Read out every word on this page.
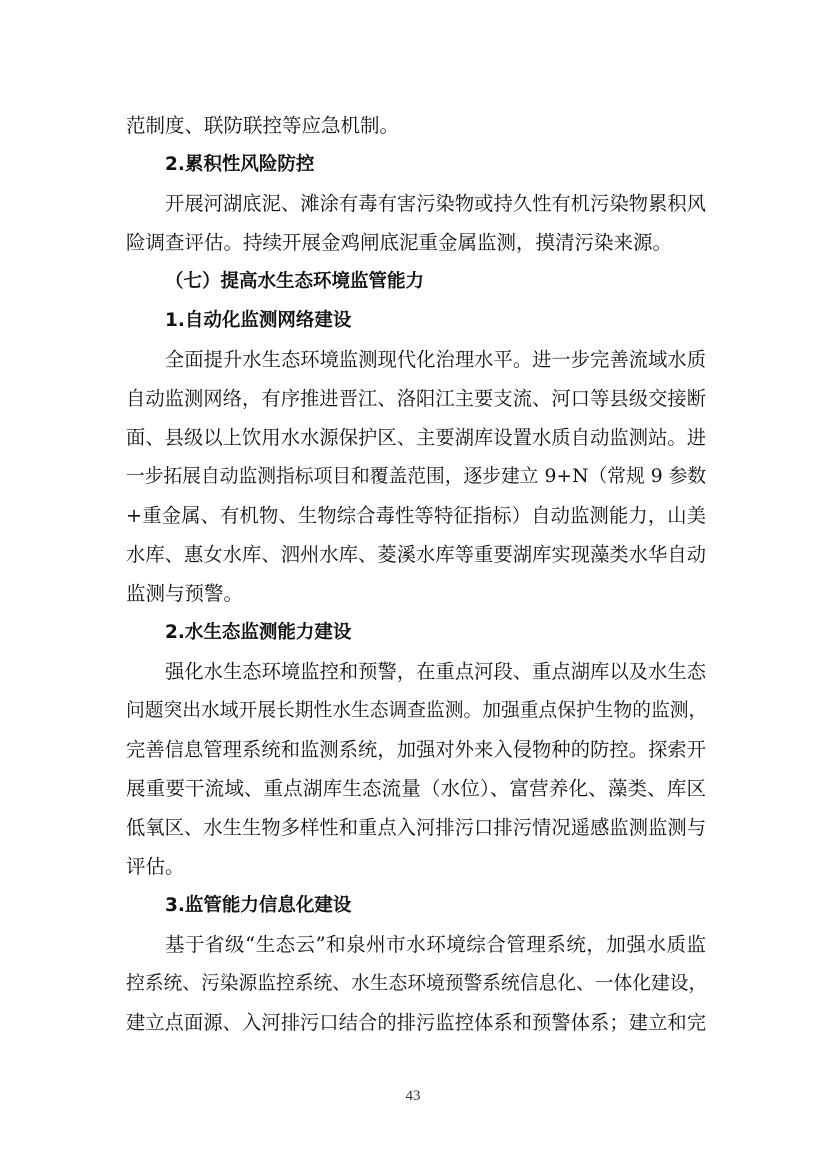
范制度、联防联控等应急机制。
2.累积性风险防控
开展河湖底泥、滩涂有毒有害污染物或持久性有机污染物累积风
险调查评估。持续开展金鸡闸底泥重金属监测，摸清污染来源。
（七）提高水生态环境监管能力
1.自动化监测网络建设
全面提升水生态环境监测现代化治理水平。进一步完善流域水质
自动监测网络，有序推进晋江、洛阳江主要支流、河口等县级交接断
面、县级以上饮用水水源保护区、主要湖库设置水质自动监测站。进
一步拓展自动监测指标项目和覆盖范围，逐步建立 9+N（常规 9 参数
+重金属、有机物、生物综合毒性等特征指标）自动监测能力，山美
水库、惠女水库、泗州水库、菱溪水库等重要湖库实现藻类水华自动
监测与预警。
2.水生态监测能力建设
强化水生态环境监控和预警，在重点河段、重点湖库以及水生态
问题突出水域开展长期性水生态调查监测。加强重点保护生物的监测，
完善信息管理系统和监测系统，加强对外来入侵物种的防控。探索开
展重要干流域、重点湖库生态流量（水位）、富营养化、藻类、库区
低氧区、水生生物多样性和重点入河排污口排污情况遥感监测监测与
评估。
3.监管能力信息化建设
基于省级“生态云”和泉州市水环境综合管理系统，加强水质监
控系统、污染源监控系统、水生态环境预警系统信息化、一体化建设，
建立点面源、入河排污口结合的排污监控体系和预警体系；建立和完
43
